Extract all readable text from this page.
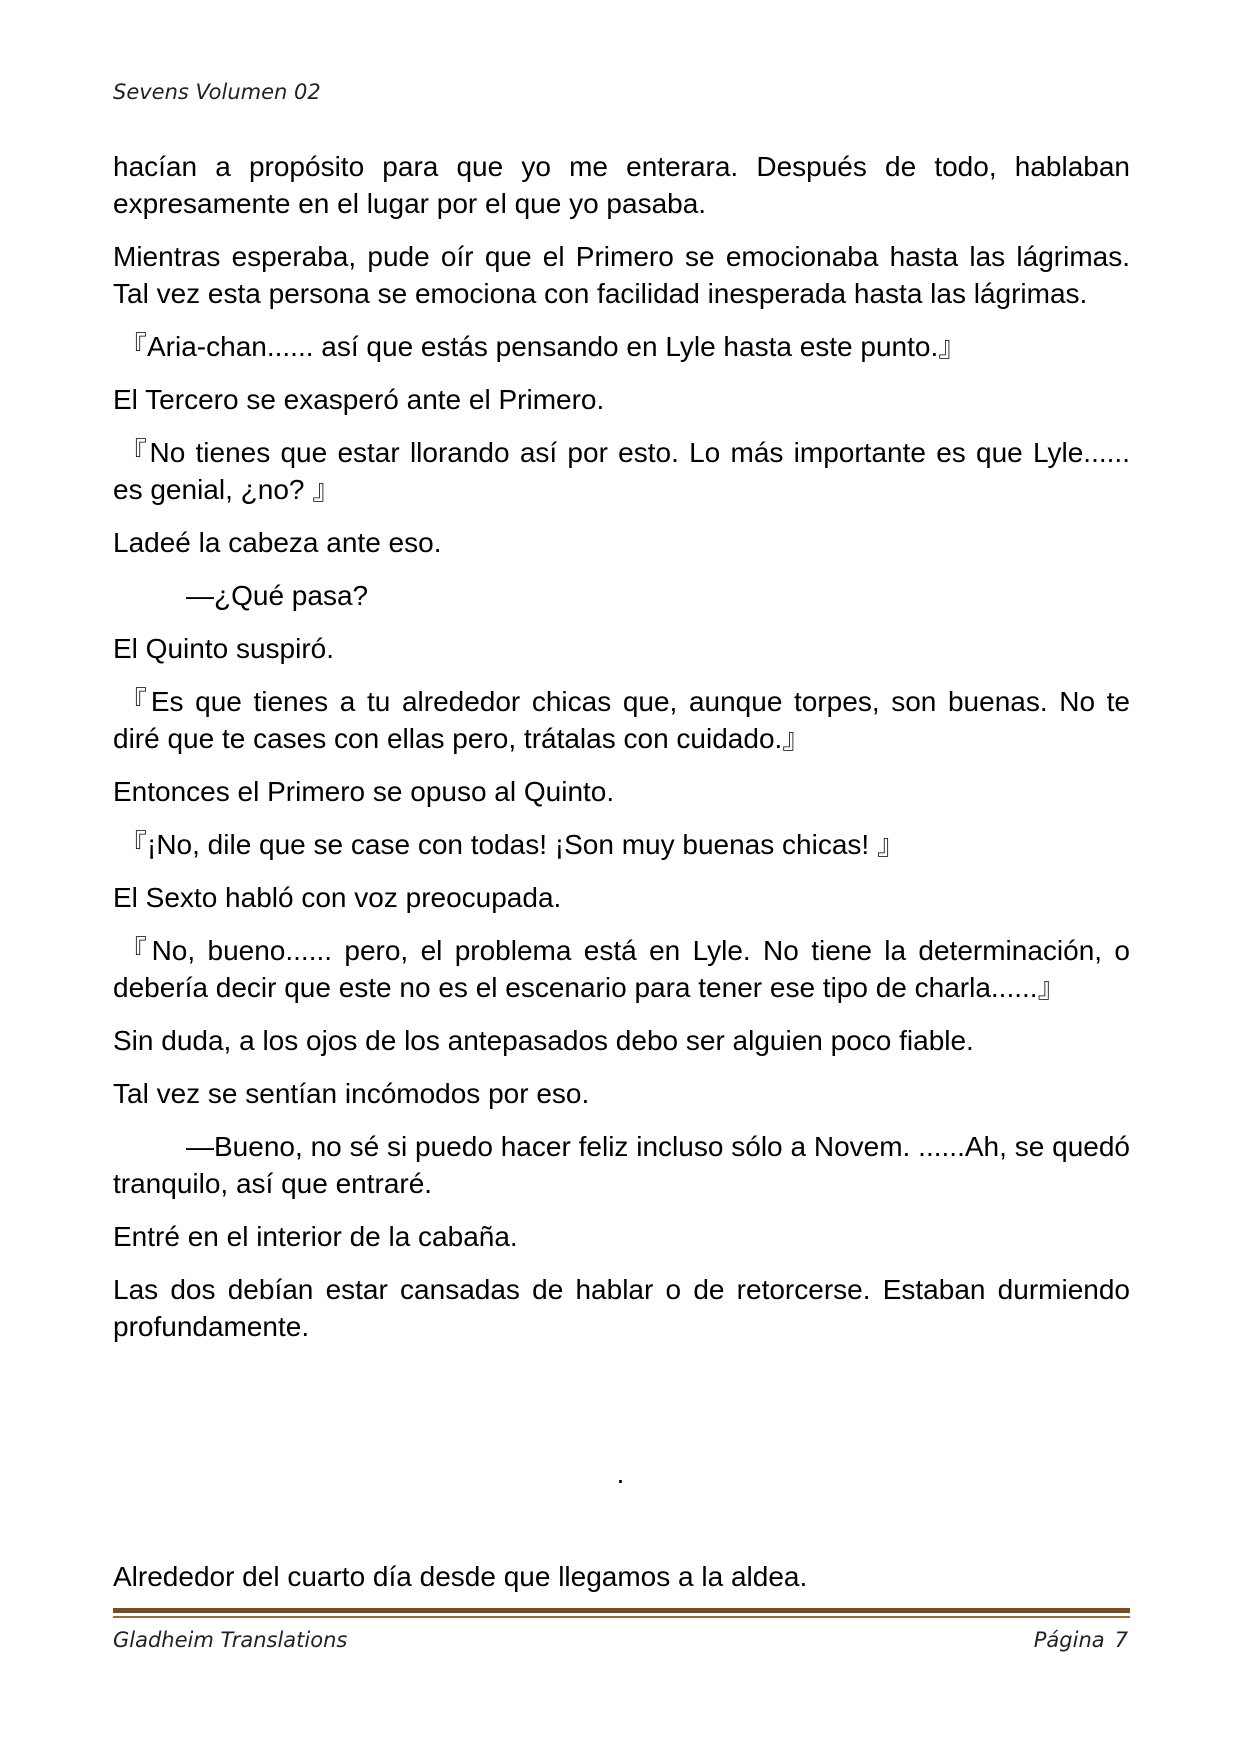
Sevens Volumen 02

hacían a propósito para que yo me enterara. Después de todo, hablaban expresamente en el lugar por el que yo pasaba.

Mientras esperaba, pude oír que el Primero se emocionaba hasta las lágrimas. Tal vez esta persona se emociona con facilidad inesperada hasta las lágrimas.

『Aria-chan...... así que estás pensando en Lyle hasta este punto.』

El Tercero se exasperó ante el Primero.

『No tienes que estar llorando así por esto. Lo más importante es que Lyle...... es genial, ¿no? 』

Ladeé la cabeza ante eso.

—¿Qué pasa?

El Quinto suspiró.

『Es que tienes a tu alrededor chicas que, aunque torpes, son buenas. No te diré que te cases con ellas pero, trátalas con cuidado.』

Entonces el Primero se opuso al Quinto.

『¡No, dile que se case con todas! ¡Son muy buenas chicas! 』

El Sexto habló con voz preocupada.

『No, bueno...... pero, el problema está en Lyle. No tiene la determinación, o debería decir que este no es el escenario para tener ese tipo de charla......』

Sin duda, a los ojos de los antepasados debo ser alguien poco fiable.

Tal vez se sentían incómodos por eso.

—Bueno, no sé si puedo hacer feliz incluso sólo a Novem. ......Ah, se quedó tranquilo, así que entraré.

Entré en el interior de la cabaña.

Las dos debían estar cansadas de hablar o de retorcerse. Estaban durmiendo profundamente.

.
Alrededor del cuarto día desde que llegamos a la aldea.
Gladheim Translations	Página 7
